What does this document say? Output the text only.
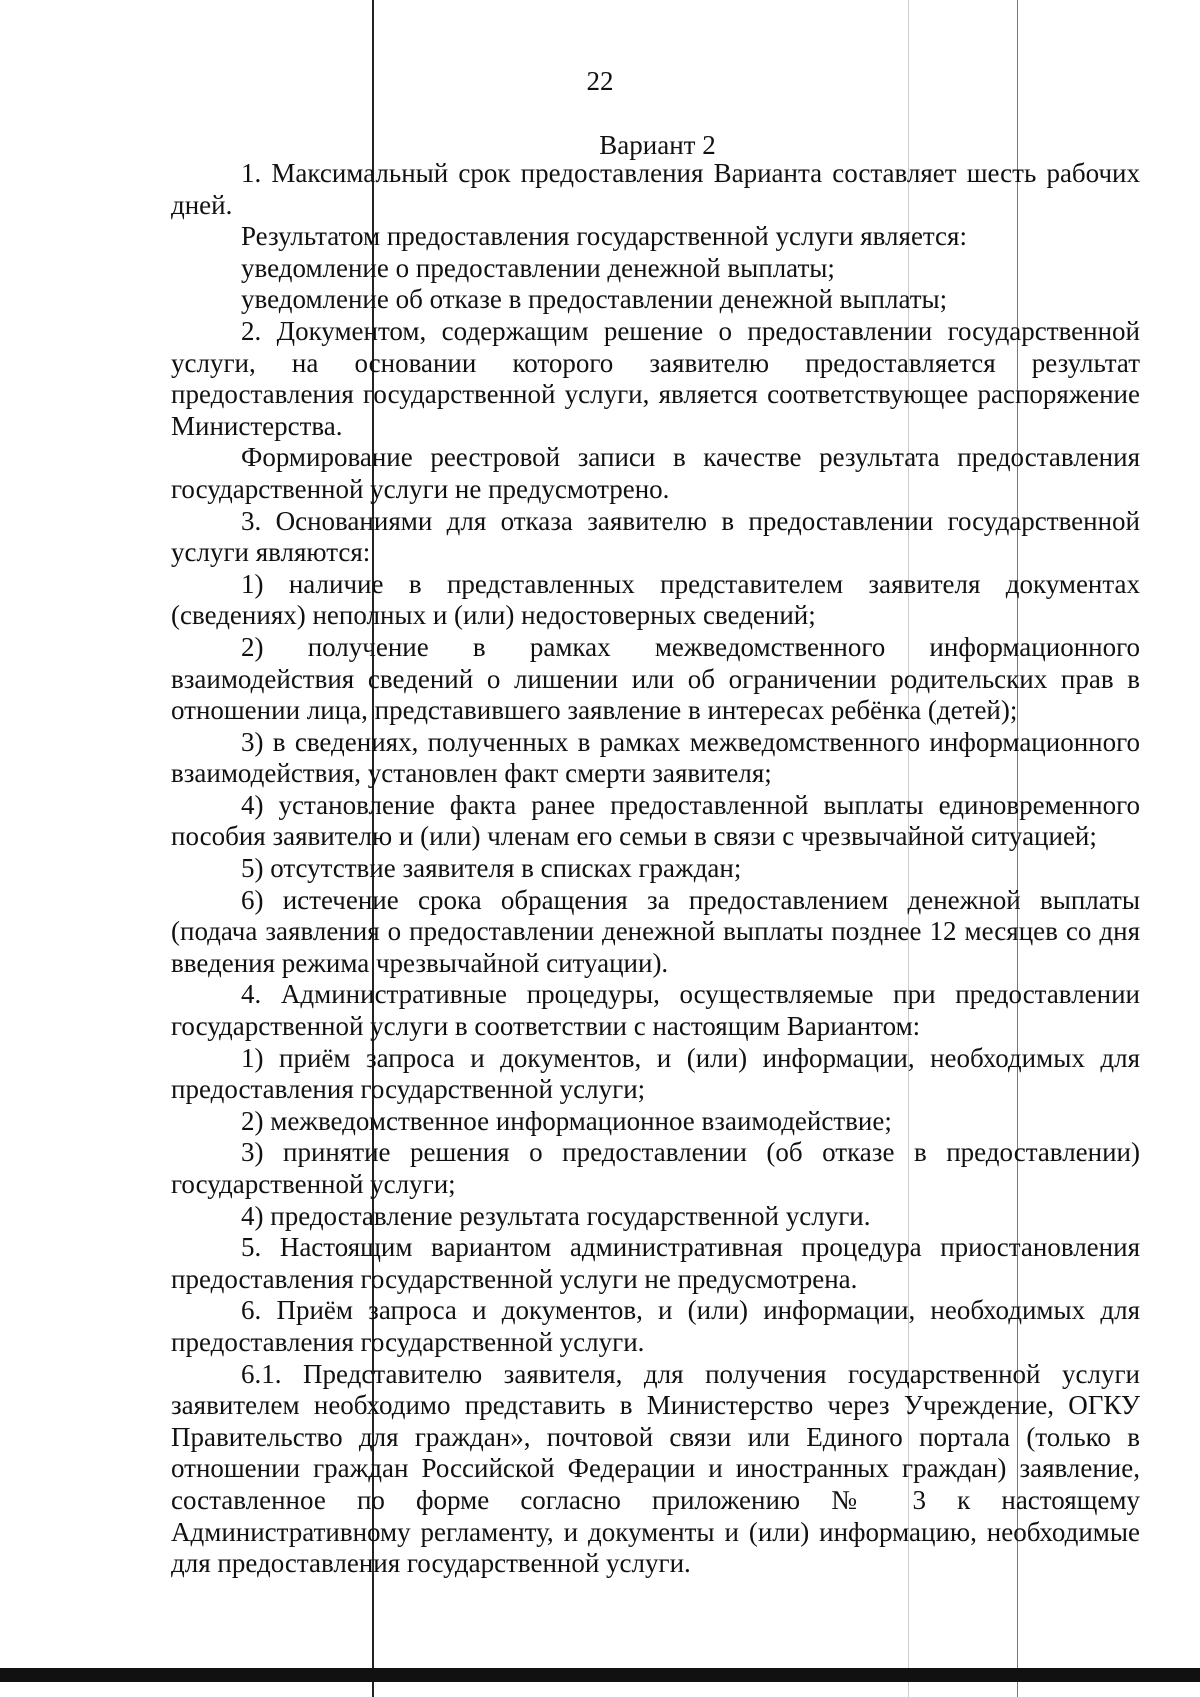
22
Вариант 2

1. Максимальный срок предоставления Варианта составляет шесть рабочих дней.

Результатом предоставления государственной услуги является:

уведомление о предоставлении денежной выплаты;

уведомление об отказе в предоставлении денежной выплаты;

2. Документом, содержащим решение о предоставлении государственной услуги, на основании которого заявителю предоставляется результат предоставления государственной услуги, является соответствующее распоряжение Министерства.

Формирование реестровой записи в качестве результата предоставления государственной услуги не предусмотрено.

3. Основаниями для отказа заявителю в предоставлении государственной услуги являются:

1) наличие в представленных представителем заявителя документах (сведениях) неполных и (или) недостоверных сведений;

2) получение в рамках межведомственного информационного взаимодействия сведений о лишении или об ограничении родительских прав в отношении лица, представившего заявление в интересах ребёнка (детей);

3) в сведениях, полученных в рамках межведомственного информационного взаимодействия, установлен факт смерти заявителя;

4) установление факта ранее предоставленной выплаты единовременного пособия заявителю и (или) членам его семьи в связи с чрезвычайной ситуацией;

5) отсутствие заявителя в списках граждан;

6) истечение срока обращения за предоставлением денежной выплаты (подача заявления о предоставлении денежной выплаты позднее 12 месяцев со дня введения режима чрезвычайной ситуации).

4. Административные процедуры, осуществляемые при предоставлении государственной услуги в соответствии с настоящим Вариантом:

1) приём запроса и документов, и (или) информации, необходимых для предоставления государственной услуги;

2) межведомственное информационное взаимодействие;

3) принятие решения о предоставлении (об отказе в предоставлении) государственной услуги;

4) предоставление результата государственной услуги.

5. Настоящим вариантом административная процедура приостановления предоставления государственной услуги не предусмотрена.

6. Приём запроса и документов, и (или) информации, необходимых для предоставления государственной услуги.

6.1. Представителю заявителя, для получения государственной услуги заявителем необходимо представить в Министерство через Учреждение, ОГКУ Правительство для граждан», почтовой связи или Единого портала (только в отношении граждан Российской Федерации и иностранных граждан) заявление, составленное по форме согласно приложению № 3 к настоящему Административному регламенту, и документы и (или) информацию, необходимые для предоставления государственной услуги.
